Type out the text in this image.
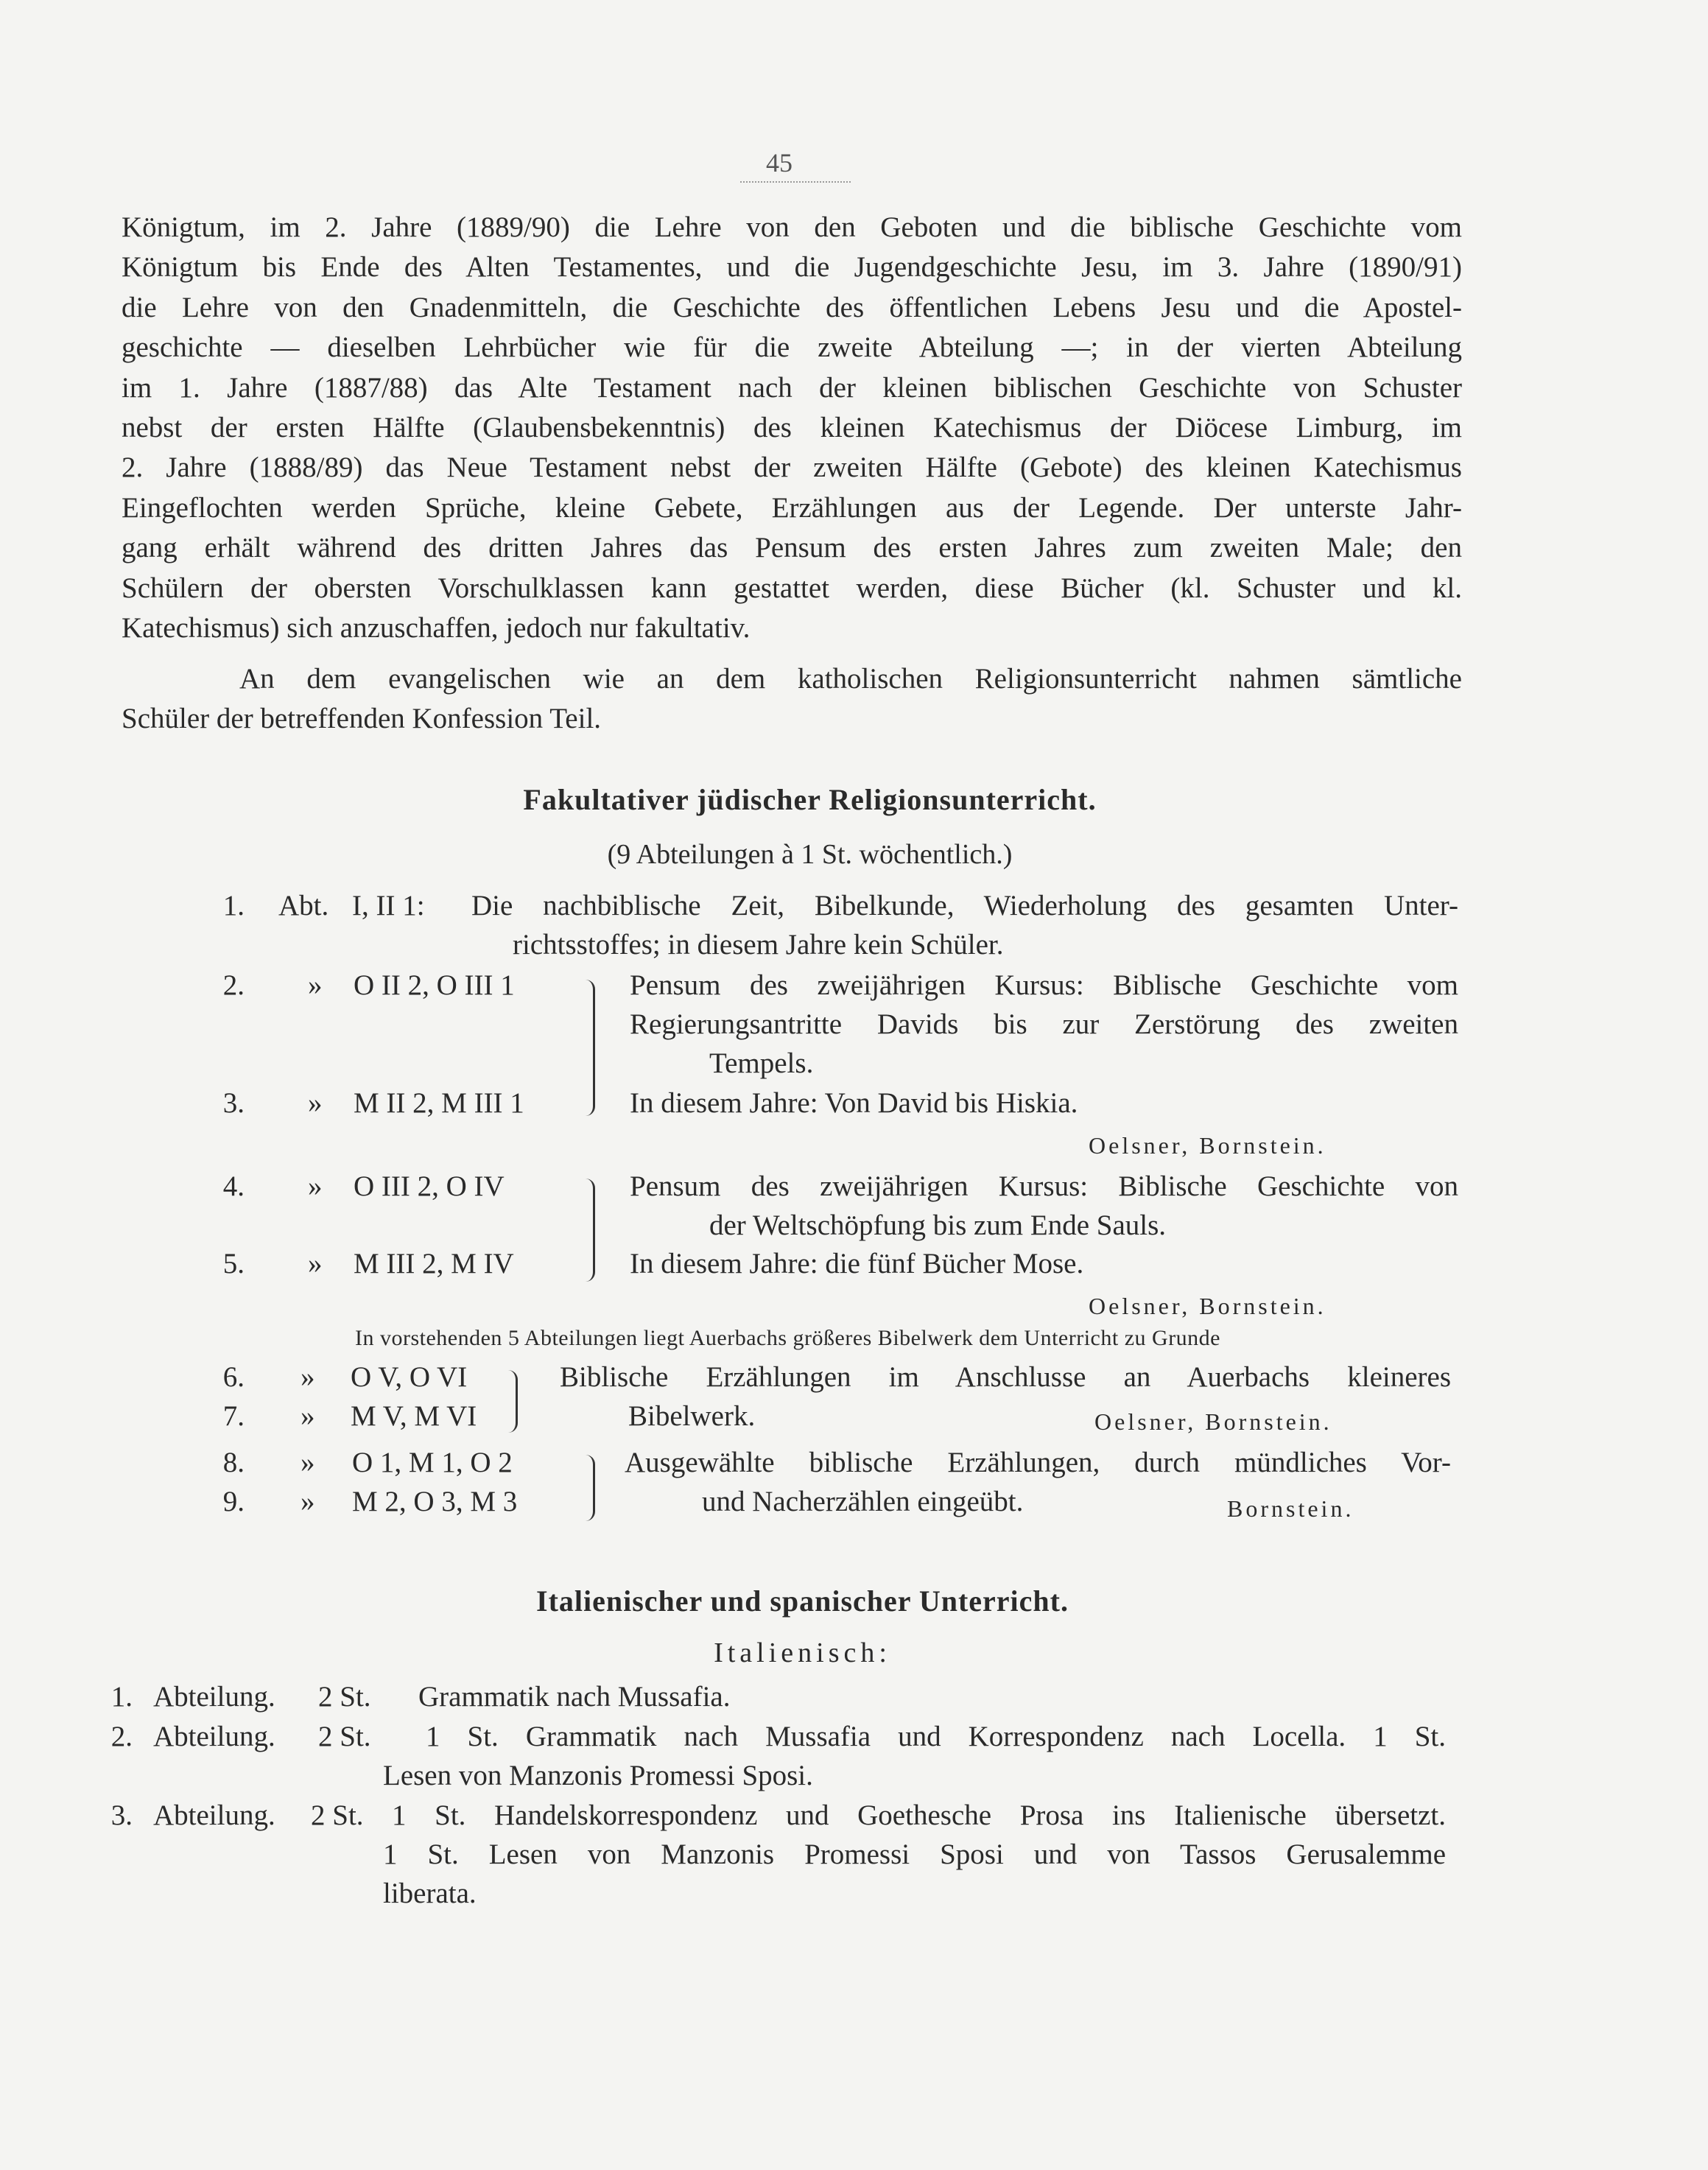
45
Königtum, im 2. Jahre (1889/90) die Lehre von den Geboten und die biblische Geschichte vom
Königtum bis Ende des Alten Testamentes, und die Jugendgeschichte Jesu, im 3. Jahre (1890/91)
die Lehre von den Gnadenmitteln, die Geschichte des öffentlichen Lebens Jesu und die Apostel-
geschichte — dieselben Lehrbücher wie für die zweite Abteilung —; in der vierten Abteilung
im 1. Jahre (1887/88) das Alte Testament nach der kleinen biblischen Geschichte von Schuster
nebst der ersten Hälfte (Glaubensbekenntnis) des kleinen Katechismus der Diöcese Limburg, im
2. Jahre (1888/89) das Neue Testament nebst der zweiten Hälfte (Gebote) des kleinen Katechismus
Eingeflochten werden Sprüche, kleine Gebete, Erzählungen aus der Legende. Der unterste Jahr-
gang erhält während des dritten Jahres das Pensum des ersten Jahres zum zweiten Male; den
Schülern der obersten Vorschulklassen kann gestattet werden, diese Bücher (kl. Schuster und kl.
Katechismus) sich anzuschaffen, jedoch nur fakultativ.
An dem evangelischen wie an dem katholischen Religionsunterricht nahmen sämtliche
Schüler der betreffenden Konfession Teil.
Fakultativer jüdischer Religionsunterricht.
(9 Abteilungen à 1 St. wöchentlich.)
1. Abt. I, II 1: Die nachbiblische Zeit, Bibelkunde, Wiederholung des gesamten Unter-
richtsstoffes; in diesem Jahre kein Schüler.
2. » O II 2, O III 1
3. » M II 2, M III 1
Pensum des zweijährigen Kursus: Biblische Geschichte vom
Regierungsantritte Davids bis zur Zerstörung des zweiten
Tempels.
In diesem Jahre: Von David bis Hiskia.
Oelsner, Bornstein.
4. » O III 2, O IV
5. » M III 2, M IV
Pensum des zweijährigen Kursus: Biblische Geschichte von
der Weltschöpfung bis zum Ende Sauls.
In diesem Jahre: die fünf Bücher Mose.
Oelsner, Bornstein.
In vorstehenden 5 Abteilungen liegt Auerbachs größeres Bibelwerk dem Unterricht zu Grunde
6. » O V, O VI
7. » M V, M VI
Biblische Erzählungen im Anschlusse an Auerbachs kleineres
Bibelwerk.	Oelsner, Bornstein.
8. » O 1, M 1, O 2
9. » M 2, O 3, M 3
Ausgewählte biblische Erzählungen, durch mündliches Vor-
und Nacherzählen eingeübt.	Bornstein.
Italienischer und spanischer Unterricht.
Italienisch:
1. Abteilung. 2 St. Grammatik nach Mussafia.
2. Abteilung. 2 St. 1 St. Grammatik nach Mussafia und Korrespondenz nach Locella. 1 St.
Lesen von Manzonis Promessi Sposi.
3. Abteilung. 2 St. 1 St. Handelskorrespondenz und Goethesche Prosa ins Italienische übersetzt.
1 St. Lesen von Manzonis Promessi Sposi und von Tassos Gerusalemme
liberata.
